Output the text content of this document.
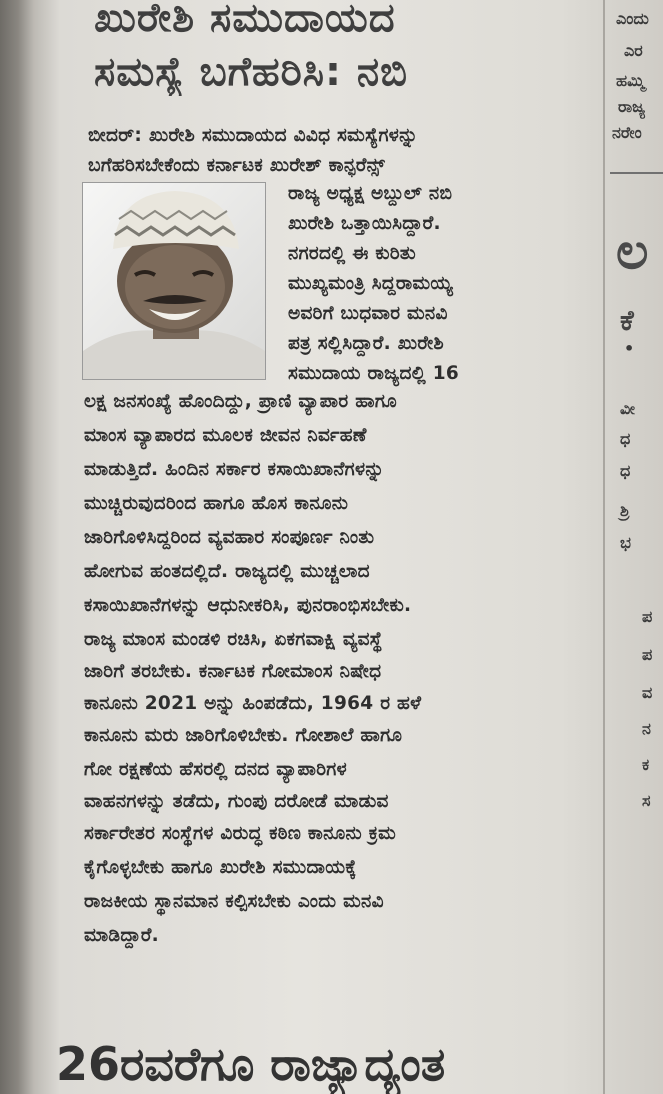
ಖುರೇಶಿ ಸಮುದಾಯದ
ಸಮಸ್ಯೆ ಬಗೆಹರಿಸಿ: ನಬಿ
ಬೀದರ್: ಖುರೇಶಿ ಸಮುದಾಯದ ವಿವಿಧ ಸಮಸ್ಯೆಗಳನ್ನು
ಬಗೆಹರಿಸಬೇಕೆಂದು ಕರ್ನಾಟಕ ಖುರೇಶ್ ಕಾನ್ಫರೆನ್ಸ್
ರಾಜ್ಯ ಅಧ್ಯಕ್ಷ ಅಬ್ದುಲ್ ನಬಿ
ಖುರೇಶಿ ಒತ್ತಾಯಿಸಿದ್ದಾರೆ.
ನಗರದಲ್ಲಿ ಈ ಕುರಿತು
ಮುಖ್ಯಮಂತ್ರಿ ಸಿದ್ದರಾಮಯ್ಯ
ಅವರಿಗೆ ಬುಧವಾರ ಮನವಿ
ಪತ್ರ ಸಲ್ಲಿಸಿದ್ದಾರೆ. ಖುರೇಶಿ
ಸಮುದಾಯ ರಾಜ್ಯದಲ್ಲಿ 16
ಲಕ್ಷ ಜನಸಂಖ್ಯೆ ಹೊಂದಿದ್ದು, ಪ್ರಾಣಿ ವ್ಯಾಪಾರ ಹಾಗೂ
ಮಾಂಸ ವ್ಯಾಪಾರದ ಮೂಲಕ ಜೀವನ ನಿರ್ವಹಣೆ
ಮಾಡುತ್ತಿದೆ. ಹಿಂದಿನ ಸರ್ಕಾರ ಕಸಾಯಿಖಾನೆಗಳನ್ನು
ಮುಚ್ಚಿರುವುದರಿಂದ ಹಾಗೂ ಹೊಸ ಕಾನೂನು
ಜಾರಿಗೊಳಿಸಿದ್ದರಿಂದ ವ್ಯವಹಾರ ಸಂಪೂರ್ಣ ನಿಂತು
ಹೋಗುವ ಹಂತದಲ್ಲಿದೆ. ರಾಜ್ಯದಲ್ಲಿ ಮುಚ್ಚಲಾದ
ಕಸಾಯಿಖಾನೆಗಳನ್ನು ಆಧುನೀಕರಿಸಿ, ಪುನರಾಂಭಿಸಬೇಕು.
ರಾಜ್ಯ ಮಾಂಸ ಮಂಡಳಿ ರಚಿಸಿ, ಏಕಗವಾಕ್ಷಿ ವ್ಯವಸ್ಥೆ
ಜಾರಿಗೆ ತರಬೇಕು. ಕರ್ನಾಟಕ ಗೋಮಾಂಸ ನಿಷೇಧ
ಕಾನೂನು 2021 ಅನ್ನು ಹಿಂಪಡೆದು, 1964 ರ ಹಳೆ
ಕಾನೂನು ಮರು ಜಾರಿಗೊಳಿಬೇಕು. ಗೋಶಾಲೆ ಹಾಗೂ
ಗೋ ರಕ್ಷಣೆಯ ಹೆಸರಲ್ಲಿ ದನದ ವ್ಯಾಪಾರಿಗಳ
ವಾಹನಗಳನ್ನು ತಡೆದು, ಗುಂಪು ದರೋಡೆ ಮಾಡುವ
ಸರ್ಕಾರೇತರ ಸಂಸ್ಥೆಗಳ ವಿರುದ್ಧ ಕಠಿಣ ಕಾನೂನು ಕ್ರಮ
ಕೈಗೊಳ್ಳಬೇಕು ಹಾಗೂ ಖುರೇಶಿ ಸಮುದಾಯಕ್ಕೆ
ರಾಜಕೀಯ ಸ್ಥಾನಮಾನ ಕಲ್ಪಿಸಬೇಕು ಎಂದು ಮನವಿ
ಮಾಡಿದ್ದಾರೆ.
26ರವರೆಗೂ ರಾಜ್ಯಾದ್ಯಂತ
ಎಂದು
ಎರ
ಹಮ್ಮಿ
ರಾಜ್ಯ
ನರೇಂ
ಲ
ಕೆ
•
ವೀ
ಧ
ಧ
ಶ್ರಿ
ಭ
ಪ
ಪ
ವ
ನ
ಕ
ಸ
